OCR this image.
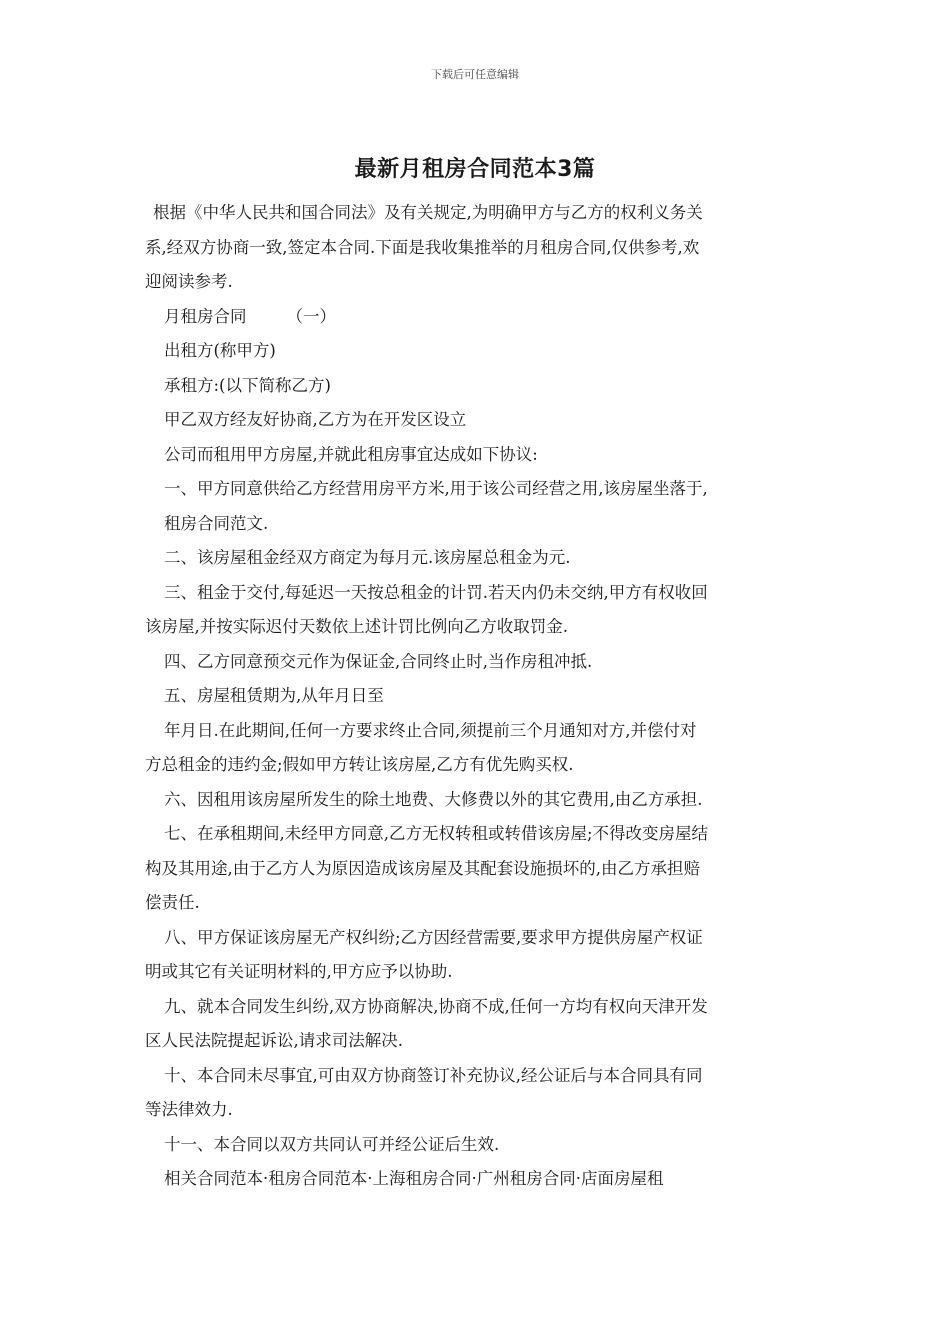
下载后可任意编辑
最新月租房合同范本3篇

根据《中华人民共和国合同法》及有关规定,为明确甲方与乙方的权利义务关
系,经双方协商一致,签定本合同.下面是我收集推举的月租房合同,仅供参考,欢
迎阅读参考.

月租房合同 （一）

出租方(称甲方)

承租方:(以下简称乙方)

甲乙双方经友好协商,乙方为在开发区设立

公司而租用甲方房屋,并就此租房事宜达成如下协议:

一、甲方同意供给乙方经营用房平方米,用于该公司经营之用,该房屋坐落于,
租房合同范文.

二、该房屋租金经双方商定为每月元.该房屋总租金为元.

三、租金于交付,每延迟一天按总租金的计罚.若天内仍未交纳,甲方有权收回
该房屋,并按实际迟付天数依上述计罚比例向乙方收取罚金.

四、乙方同意预交元作为保证金,合同终止时,当作房租冲抵.

五、房屋租赁期为,从年月日至

年月日.在此期间,任何一方要求终止合同,须提前三个月通知对方,并偿付对
方总租金的违约金;假如甲方转让该房屋,乙方有优先购买权.

六、因租用该房屋所发生的除土地费、大修费以外的其它费用,由乙方承担.

七、在承租期间,未经甲方同意,乙方无权转租或转借该房屋;不得改变房屋结
构及其用途,由于乙方人为原因造成该房屋及其配套设施损坏的,由乙方承担赔
偿责任.

八、甲方保证该房屋无产权纠纷;乙方因经营需要,要求甲方提供房屋产权证
明或其它有关证明材料的,甲方应予以协助.

九、就本合同发生纠纷,双方协商解决,协商不成,任何一方均有权向天津开发
区人民法院提起诉讼,请求司法解决.

十、本合同未尽事宜,可由双方协商签订补充协议,经公证后与本合同具有同
等法律效力.

十一、本合同以双方共同认可并经公证后生效.

相关合同范本·租房合同范本·上海租房合同·广州租房合同·店面房屋租
